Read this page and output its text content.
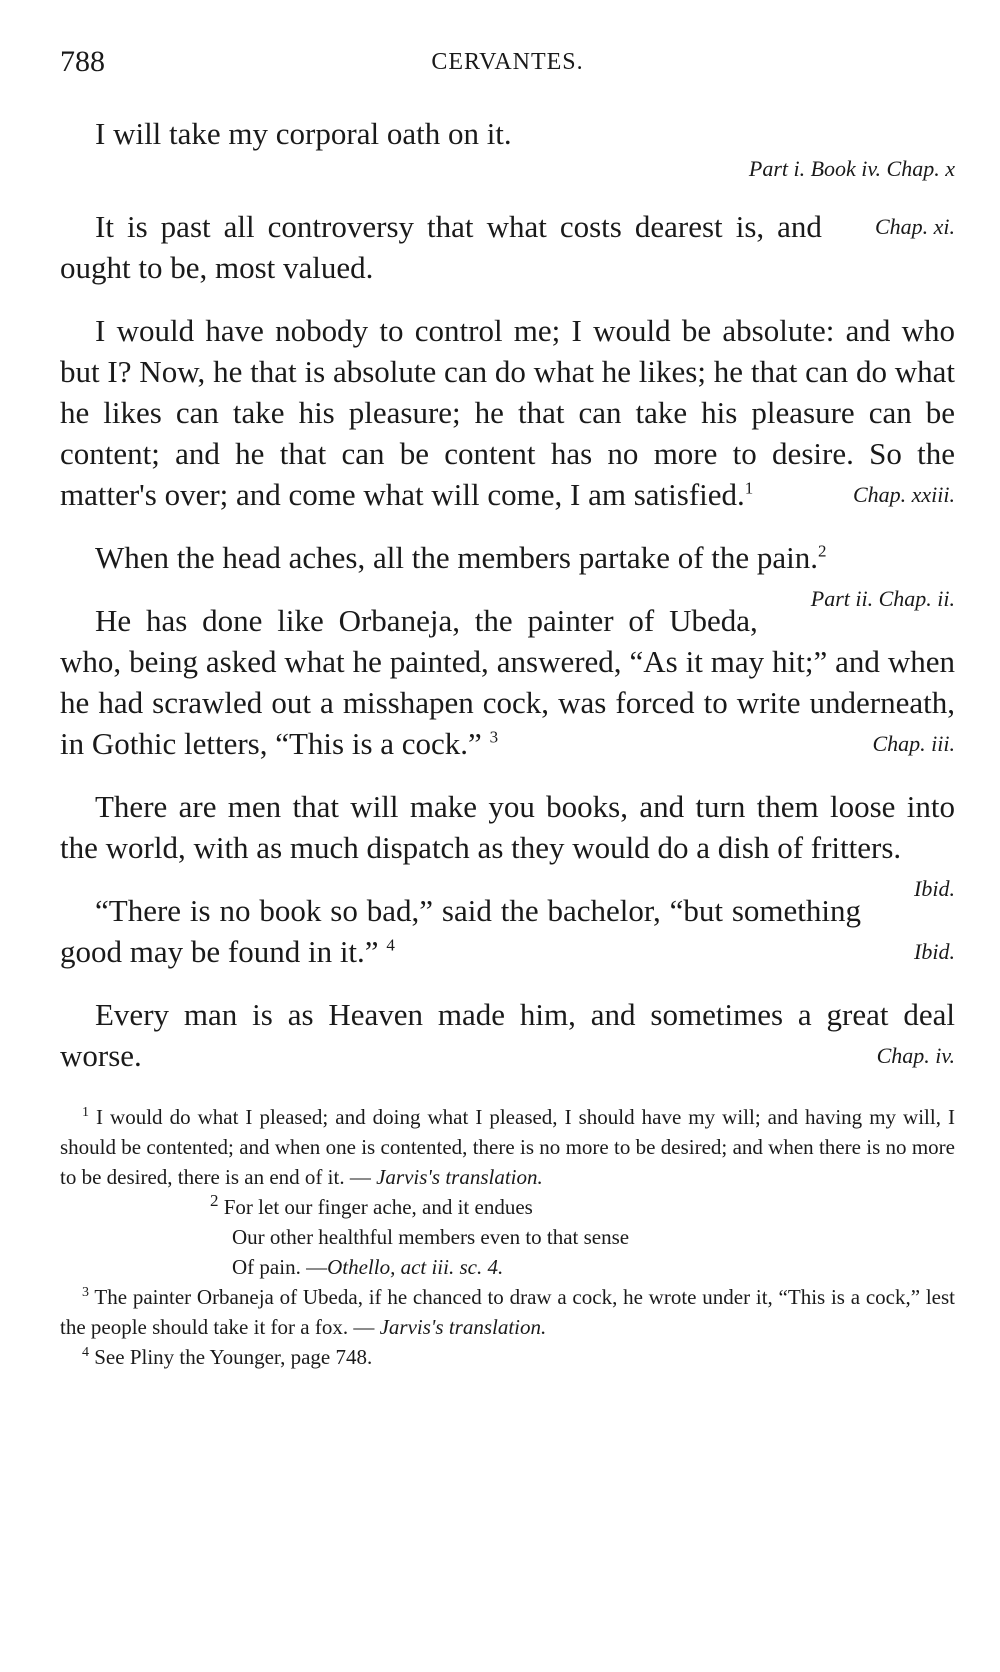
788	CERVANTES.

I will take my corporal oath on it.

Part i. Book iv. Chap. x

Chap. xi.
It is past all controversy that what costs dearest is, and ought to be, most valued.

I would have nobody to control me; I would be absolute: and who but I? Now, he that is absolute can do what he likes; he that can do what he likes can take his pleasure; he that can take his pleasure can be content; and he that can be content has no more to desire. So the matter's over; and come what will come, I am satisfied.$^1$	Chap. xxiii.

When the head aches, all the members partake of the pain.$^2$
Part ii. Chap. ii.

He has done like Orbaneja, the painter of Ubeda, who, being asked what he painted, answered, “As it may hit;” and when he had scrawled out a misshapen cock, was forced to write underneath, in Gothic letters, “This is a cock.” $^3$	Chap. iii.

There are men that will make you books, and turn them loose into the world, with as much dispatch as they would do a dish of fritters.
Ibid.

“There is no book so bad,” said the bachelor, “but something good may be found in it.” $^4$	Ibid.

Every man is as Heaven made him, and sometimes a great deal worse.	Chap. iv.

$^1$ I would do what I pleased; and doing what I pleased, I should have my will; and having my will, I should be contented; and when one is contented, there is no more to be desired; and when there is no more to be desired, there is an end of it. — Jarvis's translation.

$^2$ For let our finger ache, and it endues
Our other healthful members even to that sense
Of pain. —Othello, act iii. sc. 4.

$^3$ The painter Orbaneja of Ubeda, if he chanced to draw a cock, he wrote under it, “This is a cock,” lest the people should take it for a fox. — Jarvis's translation.

$^4$ See Pliny the Younger, page 748.
